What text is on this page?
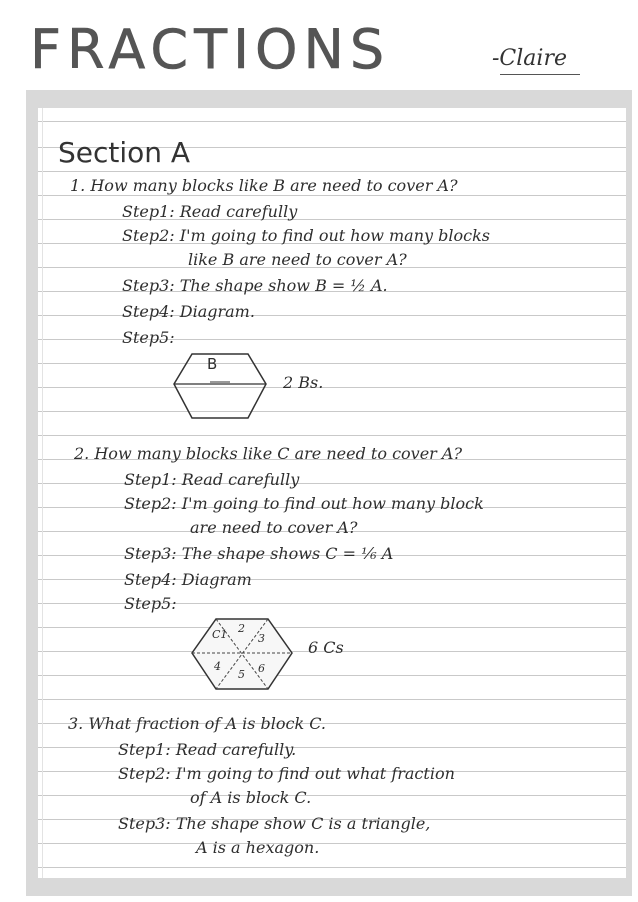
FRACTIONS	-Claire
Section A
1. How many blocks like B are need to cover A?
Step1: Read carefully
Step2: I'm going to find out how many blocks
like B are need to cover A?
Step3: The shape show B = ½ A.
Step4: Diagram.
Step5:
B
2 Bs.
2. How many blocks like C are need to cover A?
Step1: Read carefully
Step2: I'm going to find out how many block
are need to cover A?
Step3: The shape shows C = ⅙ A
Step4: Diagram
Step5:
C1 2
3
4
5 6
6 Cs
3. What fraction of A is block C.
Step1: Read carefully.
Step2: I'm going to find out what fraction
of A is block C.
Step3: The shape show C is a triangle,
A is a hexagon.
